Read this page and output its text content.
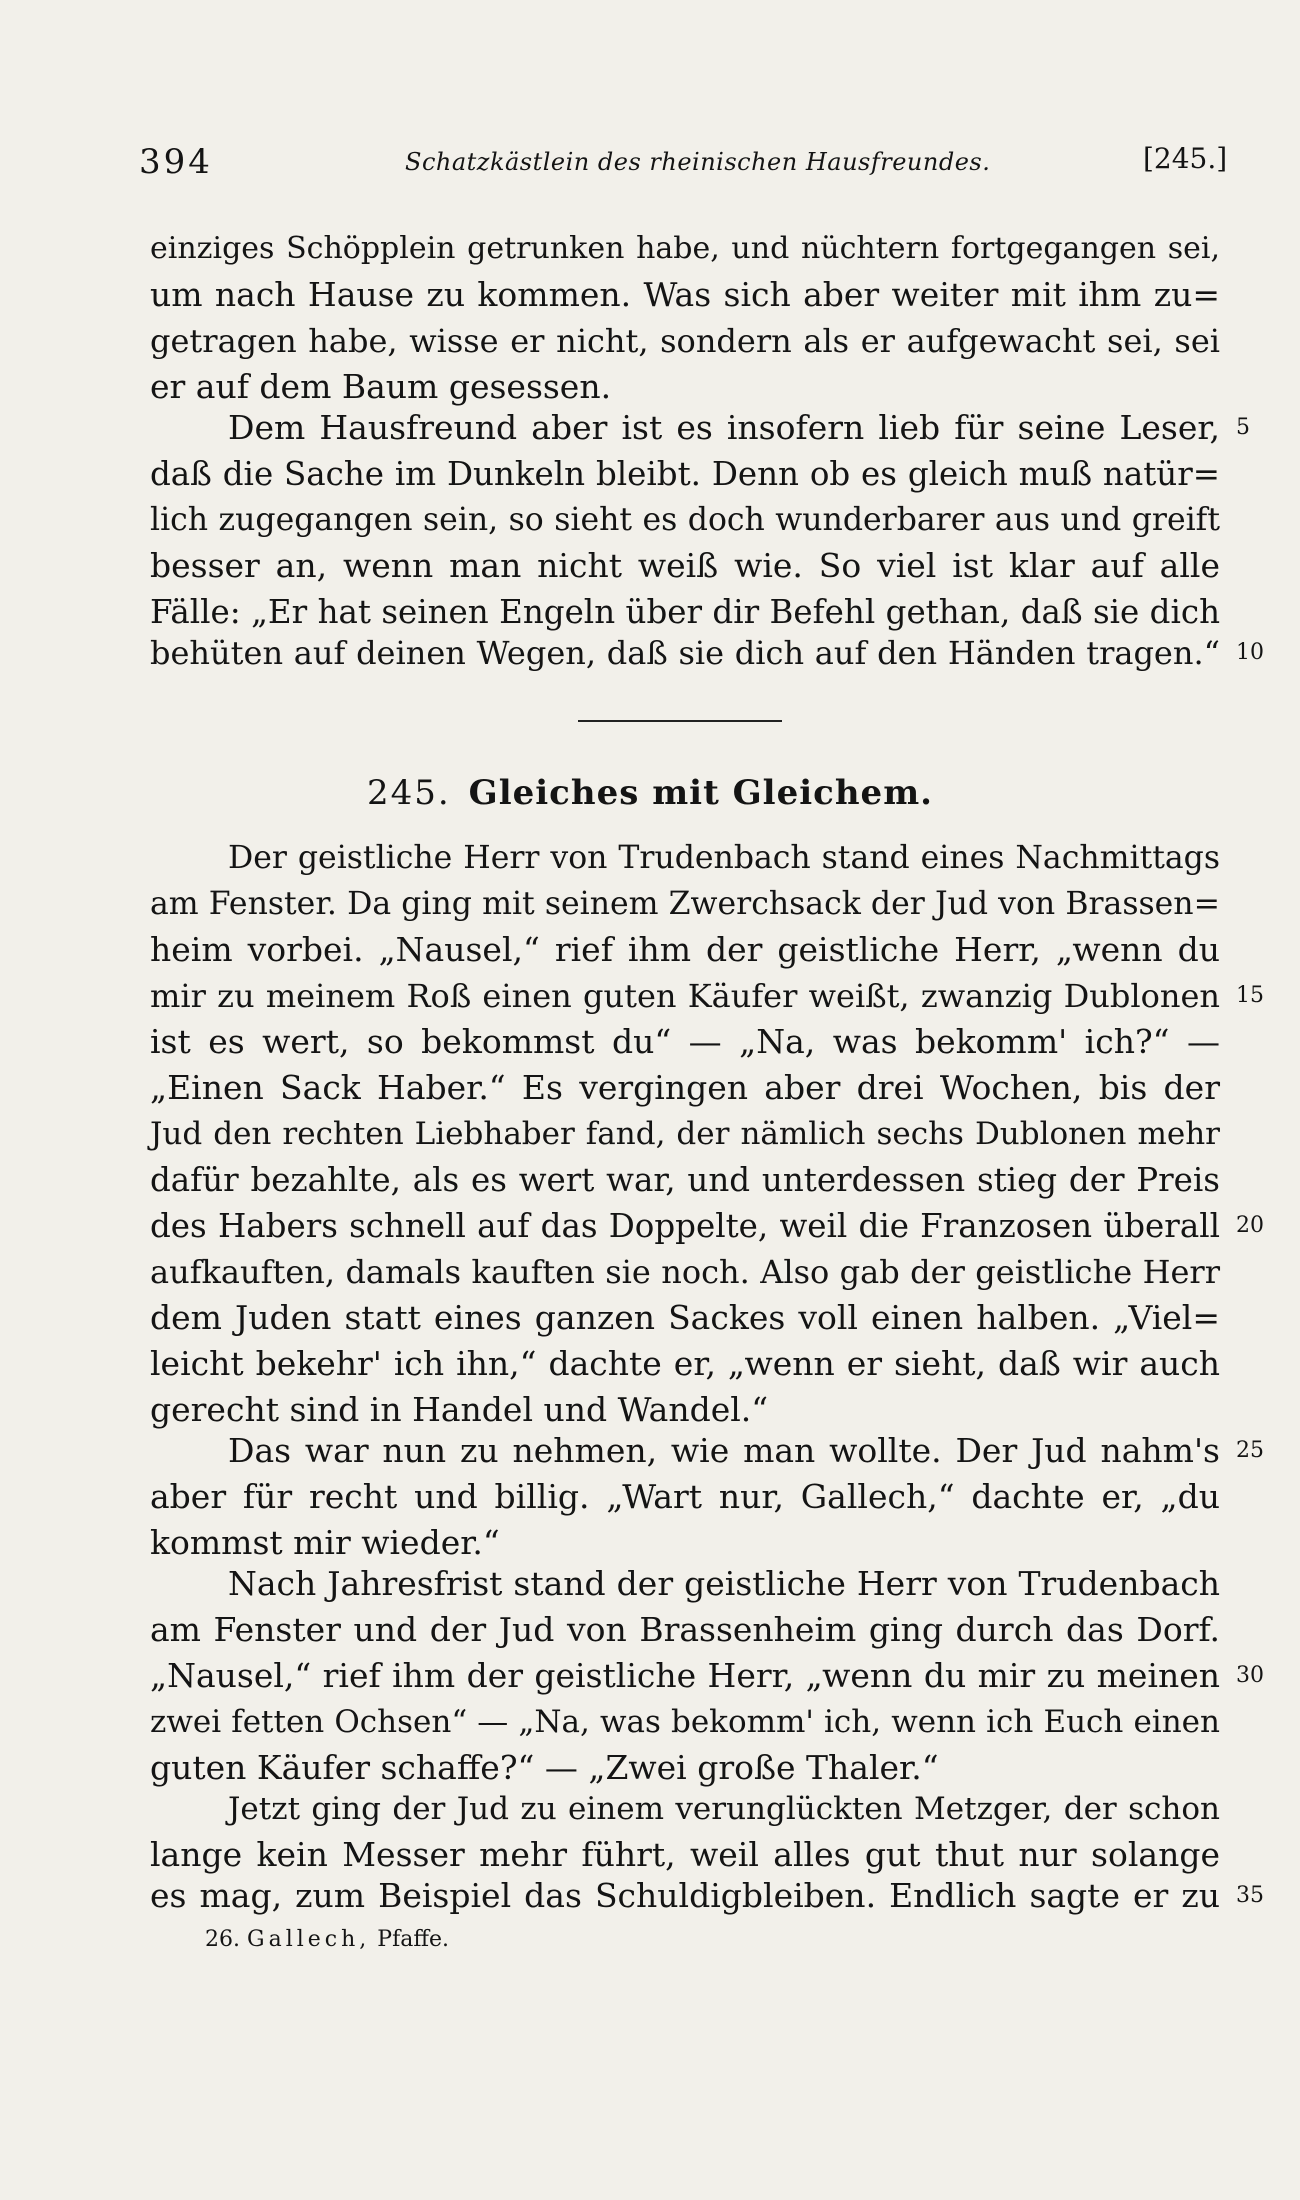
394	Schatzkästlein des rheinischen Hausfreundes.	[245.]
einziges Schöpplein getrunken habe, und nüchtern fortgegangen sei,
um nach Hause zu kommen. Was sich aber weiter mit ihm zu=
getragen habe, wisse er nicht, sondern als er aufgewacht sei, sei
er auf dem Baum gesessen.
Dem Hausfreund aber ist es insofern lieb für seine Leser,
daß die Sache im Dunkeln bleibt. Denn ob es gleich muß natür=
lich zugegangen sein, so sieht es doch wunderbarer aus und greift
besser an, wenn man nicht weiß wie. So viel ist klar auf alle
Fälle: „Er hat seinen Engeln über dir Befehl gethan, daß sie dich
behüten auf deinen Wegen, daß sie dich auf den Händen tragen.“
245. Gleiches mit Gleichem.
Der geistliche Herr von Trudenbach stand eines Nachmittags
am Fenster. Da ging mit seinem Zwerchsack der Jud von Brassen=
heim vorbei. „Nausel,“ rief ihm der geistliche Herr, „wenn du
mir zu meinem Roß einen guten Käufer weißt, zwanzig Dublonen
ist es wert, so bekommst du“ — „Na, was bekomm' ich?“ —
„Einen Sack Haber.“ Es vergingen aber drei Wochen, bis der
Jud den rechten Liebhaber fand, der nämlich sechs Dublonen mehr
dafür bezahlte, als es wert war, und unterdessen stieg der Preis
des Habers schnell auf das Doppelte, weil die Franzosen überall
aufkauften, damals kauften sie noch. Also gab der geistliche Herr
dem Juden statt eines ganzen Sackes voll einen halben. „Viel=
leicht bekehr' ich ihn,“ dachte er, „wenn er sieht, daß wir auch
gerecht sind in Handel und Wandel.“
Das war nun zu nehmen, wie man wollte. Der Jud nahm's
aber für recht und billig. „Wart nur, Gallech,“ dachte er, „du
kommst mir wieder.“
Nach Jahresfrist stand der geistliche Herr von Trudenbach
am Fenster und der Jud von Brassenheim ging durch das Dorf.
„Nausel,“ rief ihm der geistliche Herr, „wenn du mir zu meinen
zwei fetten Ochsen“ — „Na, was bekomm' ich, wenn ich Euch einen
guten Käufer schaffe?“ — „Zwei große Thaler.“
Jetzt ging der Jud zu einem verunglückten Metzger, der schon
lange kein Messer mehr führt, weil alles gut thut nur solange
es mag, zum Beispiel das Schuldigbleiben. Endlich sagte er zu
5
10
15
20
25
30
35
26. Gallech, Pfaffe.
